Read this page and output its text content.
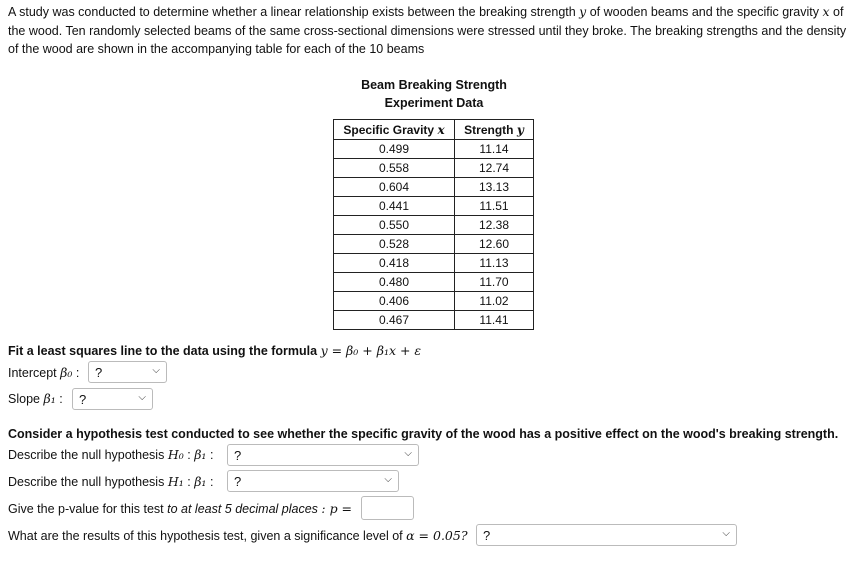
A study was conducted to determine whether a linear relationship exists between the breaking strength y of wooden beams and the specific gravity x of the wood. Ten randomly selected beams of the same cross-sectional dimensions were stressed until they broke. The breaking strengths and the density of the wood are shown in the accompanying table for each of the 10 beams
Beam Breaking Strength
Experiment Data
Specific Gravity x	Strength y
0.499	11.14
0.558	12.74
0.604	13.13
0.441	11.51
0.550	12.38
0.528	12.60
0.418	11.13
0.480	11.70
0.406	11.02
0.467	11.41
Fit a least squares line to the data using the formula y = β₀ + β₁x + ε
Intercept β₀ :	?	⌵
Slope β₁ :	?	⌵
Consider a hypothesis test conducted to see whether the specific gravity of the wood has a positive effect on the wood's breaking strength.
Describe the null hypothesis H₀ : β₁ :	?	⌵
Describe the null hypothesis H₁ : β₁ :	?	⌵
Give the p-value for this test to at least 5 decimal places : p =
What are the results of this hypothesis test, given a significance level of α = 0.05?	?	⌵
